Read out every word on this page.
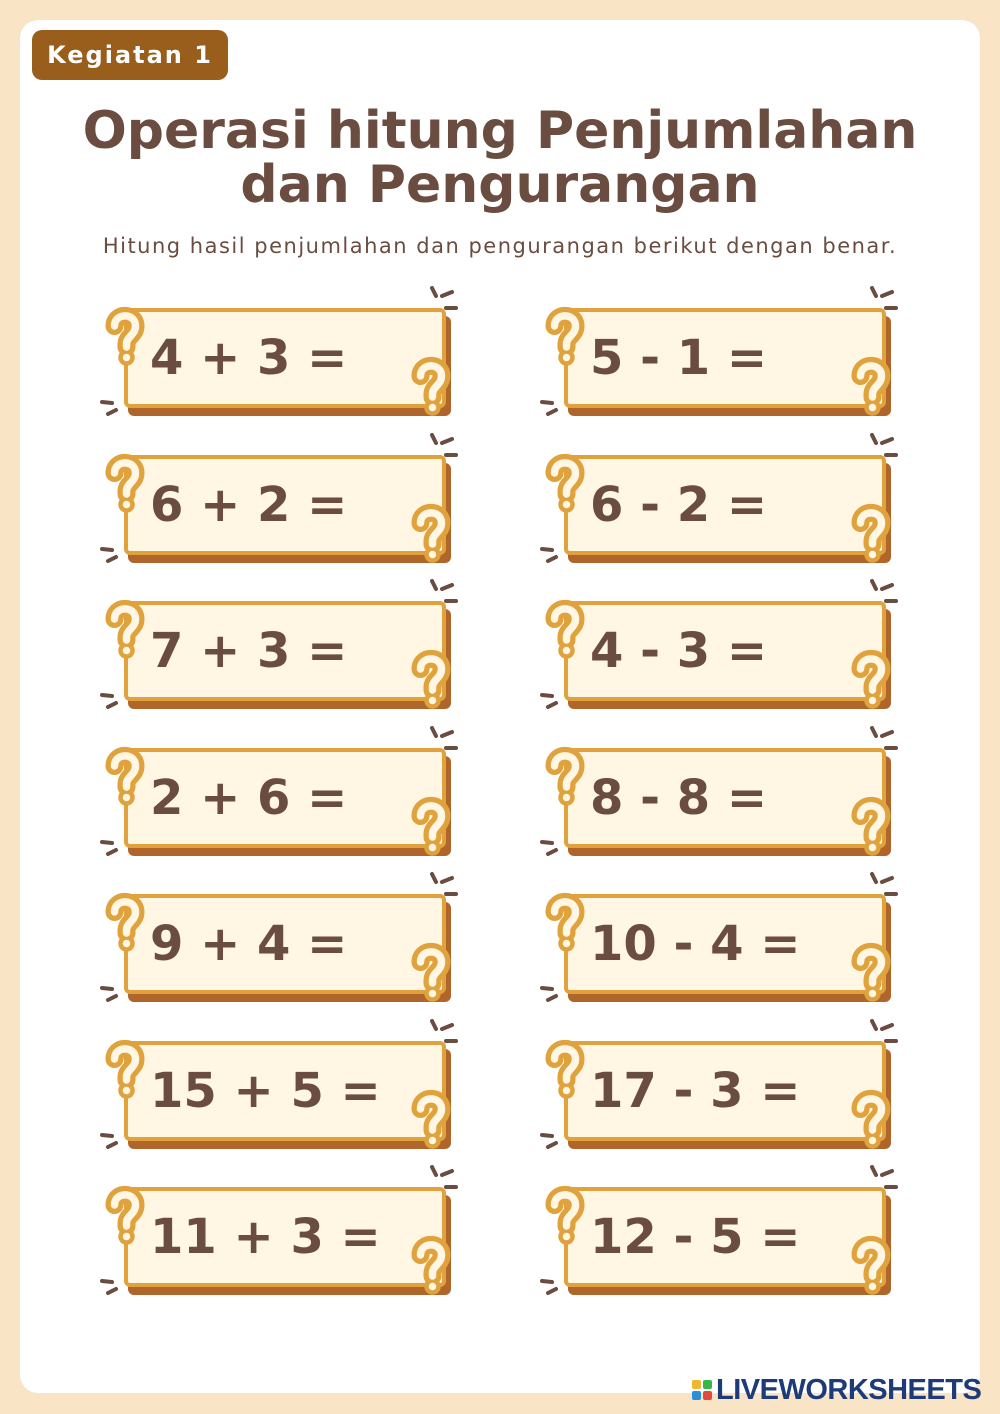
Kegiatan 1
Operasi hitung Penjumlahan
dan Pengurangan
Hitung hasil penjumlahan dan pengurangan berikut dengan benar.
4 + 3 =
6 + 2 =
7 + 3 =
2 + 6 =
9 + 4 =
15 + 5 =
11 + 3 =
5 - 1 =
6 - 2 =
4 - 3 =
8 - 8 =
10 - 4 =
17 - 3 =
12 - 5 =
LIVEWORKSHEETS
